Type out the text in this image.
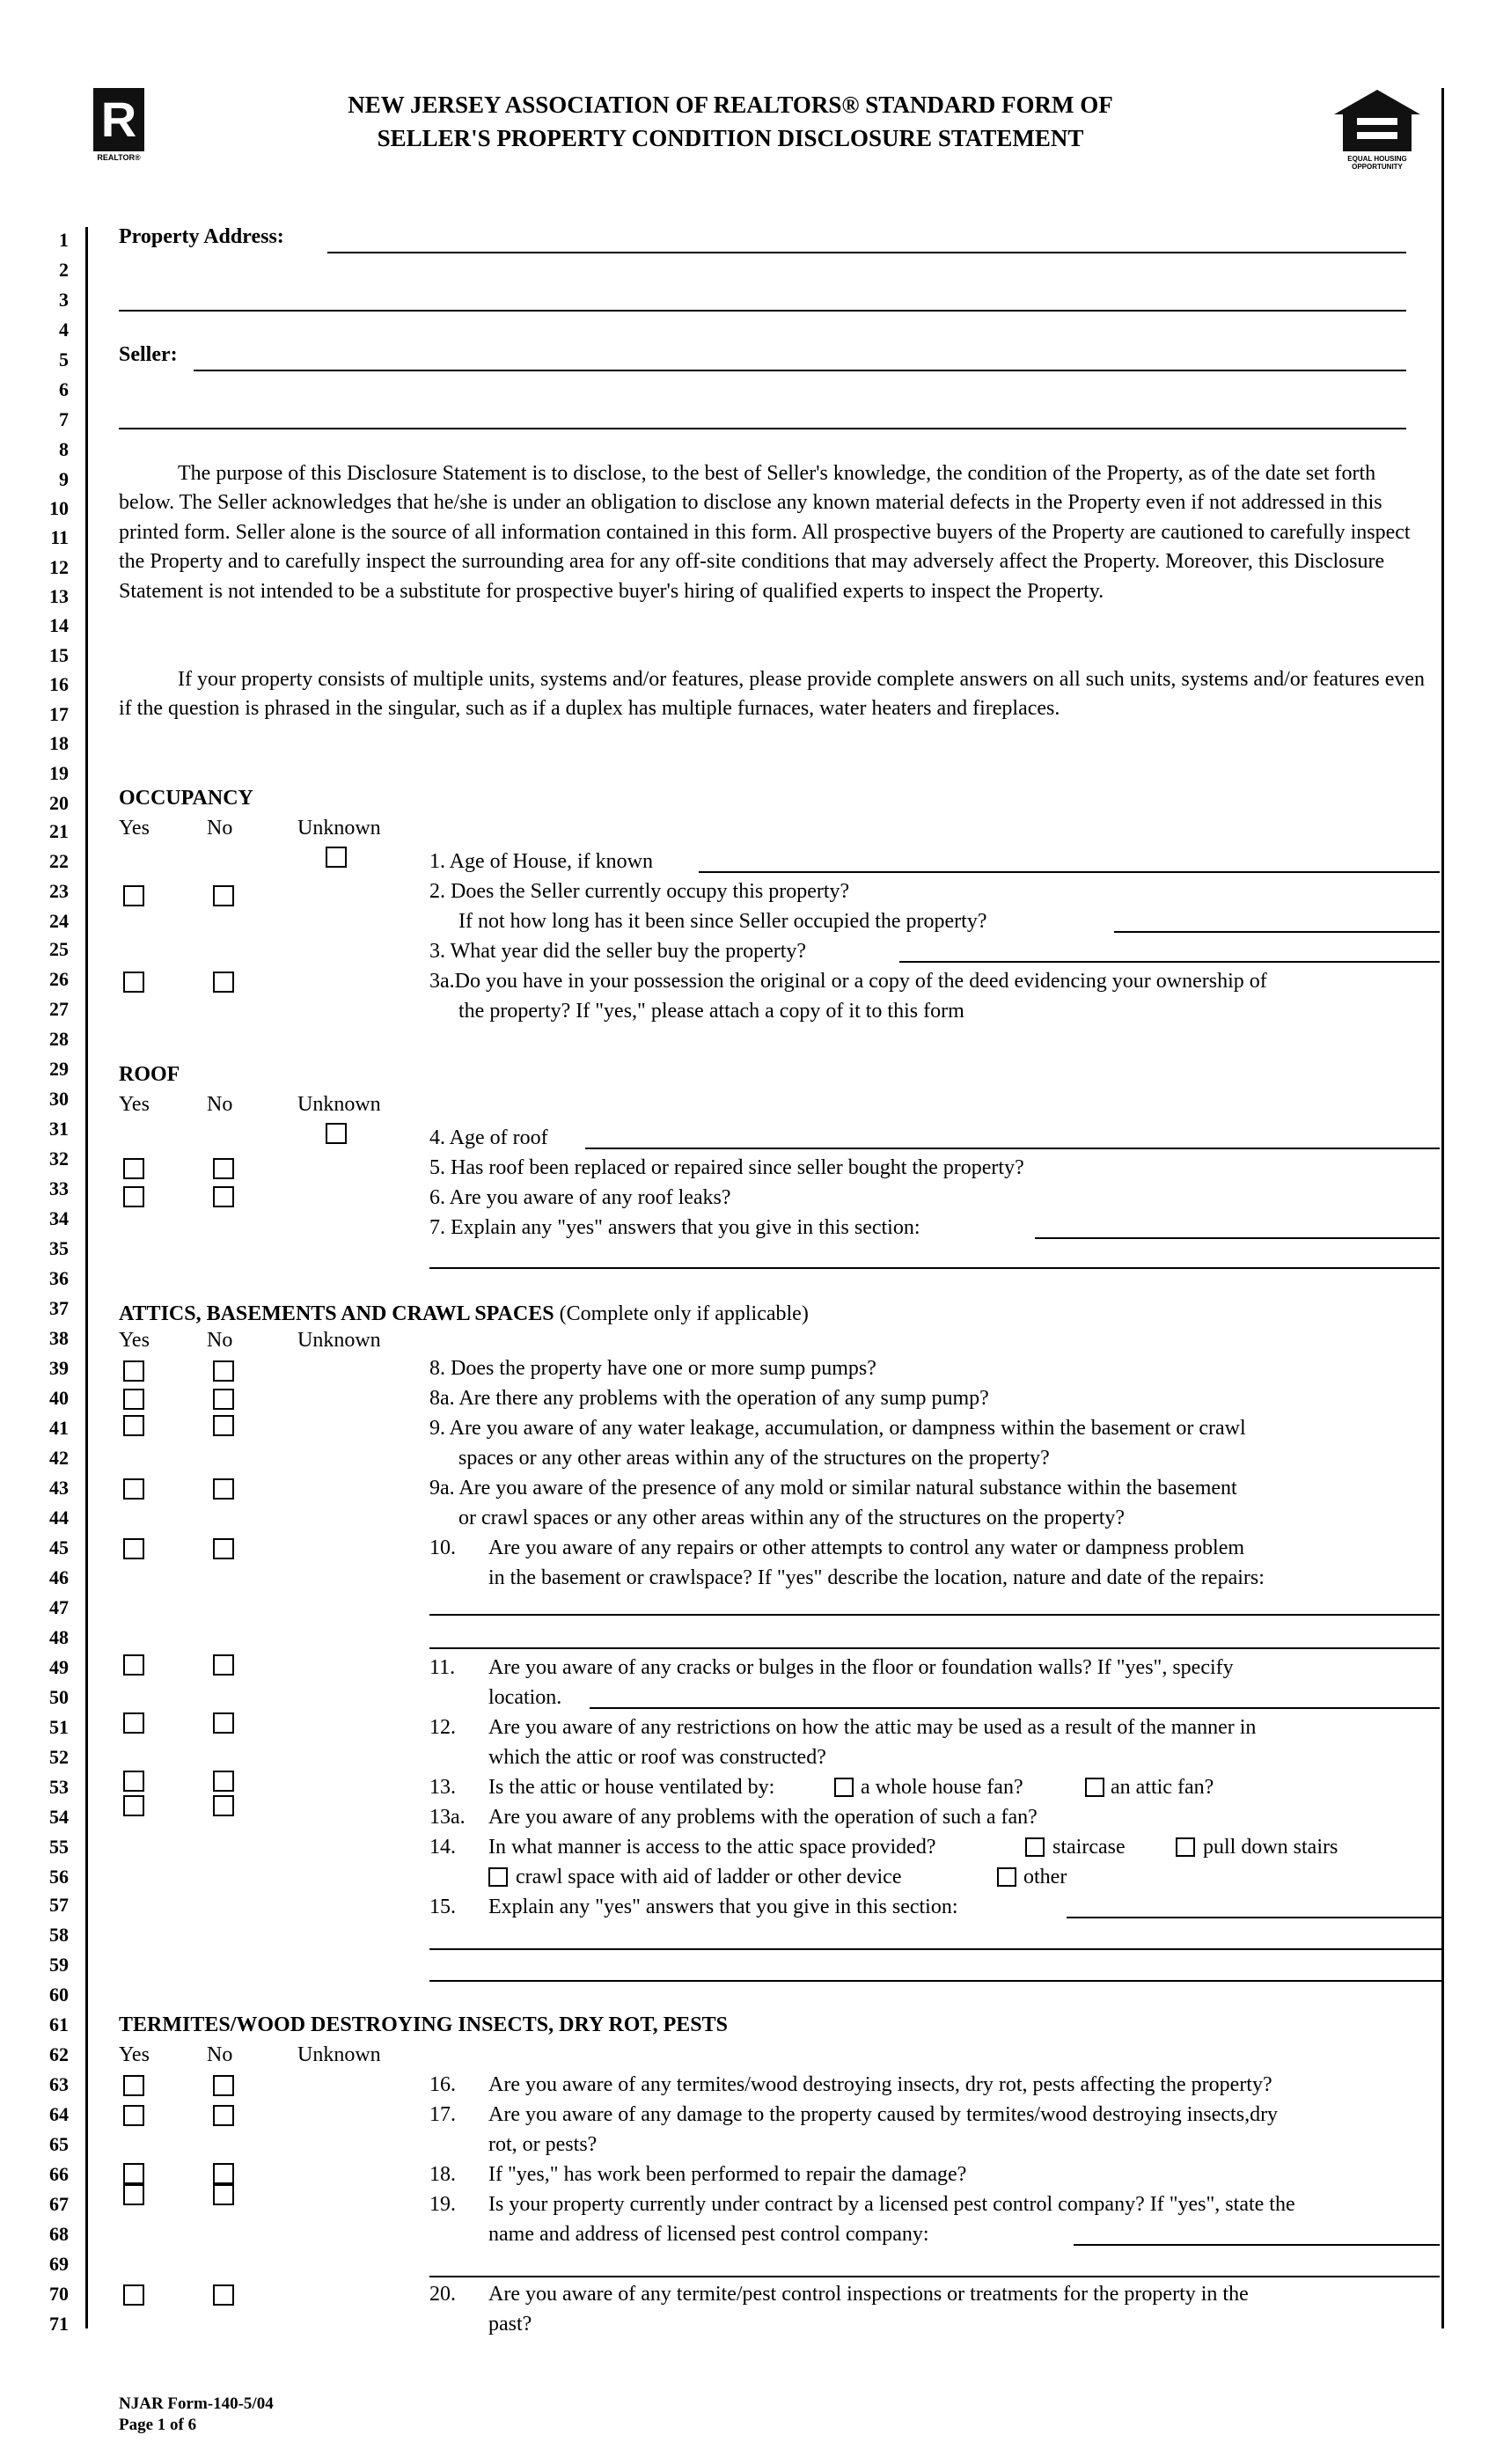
R
REALTOR®	EQUAL HOUSING OPPORTUNITY
NEW JERSEY ASSOCIATION OF REALTORS® STANDARD FORM OF
SELLER'S PROPERTY CONDITION DISCLOSURE STATEMENT
1
2
3
4
5
6
7
8
9
10
11
12
13
14
15
16
17
18
19
20
21
22
23
24
25
26
27
28
29
30
31
32
33
34
35
36
37
38
39
40
41
42
43
44
45
46
47
48
49
50
51
52
53
54
55
56
57
58
59
60
61
62
63
64
65
66
67
68
69
70
71
Property Address:
Seller:
The purpose of this Disclosure Statement is to disclose, to the best of Seller's knowledge, the condition of the Property, as of the date set forth below. The Seller acknowledges that he/she is under an obligation to disclose any known material defects in the Property even if not addressed in this printed form. Seller alone is the source of all information contained in this form. All prospective buyers of the Property are cautioned to carefully inspect the Property and to carefully inspect the surrounding area for any off-site conditions that may adversely affect the Property. Moreover, this Disclosure Statement is not intended to be a substitute for prospective buyer's hiring of qualified experts to inspect the Property.
If your property consists of multiple units, systems and/or features, please provide complete answers on all such units, systems and/or features even if the question is phrased in the singular, such as if a duplex has multiple furnaces, water heaters and fireplaces.
OCCUPANCY
Yes	No	Unknown
1. Age of House, if known
2. Does the Seller currently occupy this property?
If not how long has it been since Seller occupied the property?
3. What year did the seller buy the property?
3a.Do you have in your possession the original or a copy of the deed evidencing your ownership of
the property? If "yes," please attach a copy of it to this form
ROOF
Yes	No	Unknown
4. Age of roof
5. Has roof been replaced or repaired since seller bought the property?
6. Are you aware of any roof leaks?
7. Explain any "yes" answers that you give in this section:
ATTICS, BASEMENTS AND CRAWL SPACES (Complete only if applicable)
Yes	No	Unknown
8. Does the property have one or more sump pumps?
8a. Are there any problems with the operation of any sump pump?
9. Are you aware of any water leakage, accumulation, or dampness within the basement or crawl
spaces or any other areas within any of the structures on the property?
9a. Are you aware of the presence of any mold or similar natural substance within the basement
or crawl spaces or any other areas within any of the structures on the property?
10. Are you aware of any repairs or other attempts to control any water or dampness problem
in the basement or crawlspace? If "yes" describe the location, nature and date of the repairs:
11. Are you aware of any cracks or bulges in the floor or foundation walls? If "yes", specify
location.
12. Are you aware of any restrictions on how the attic may be used as a result of the manner in
which the attic or roof was constructed?
13. Is the attic or house ventilated by:	a whole house fan?	an attic fan?
13a. Are you aware of any problems with the operation of such a fan?
14. In what manner is access to the attic space provided?	staircase	pull down stairs
crawl space with aid of ladder or other device	other
15. Explain any "yes" answers that you give in this section:
TERMITES/WOOD DESTROYING INSECTS, DRY ROT, PESTS
Yes	No	Unknown
16. Are you aware of any termites/wood destroying insects, dry rot, pests affecting the property?
17. Are you aware of any damage to the property caused by termites/wood destroying insects,dry
rot, or pests?
18. If "yes," has work been performed to repair the damage?
19. Is your property currently under contract by a licensed pest control company? If "yes", state the
name and address of licensed pest control company:
20. Are you aware of any termite/pest control inspections or treatments for the property in the
past?
NJAR Form-140-5/04
Page 1 of 6
